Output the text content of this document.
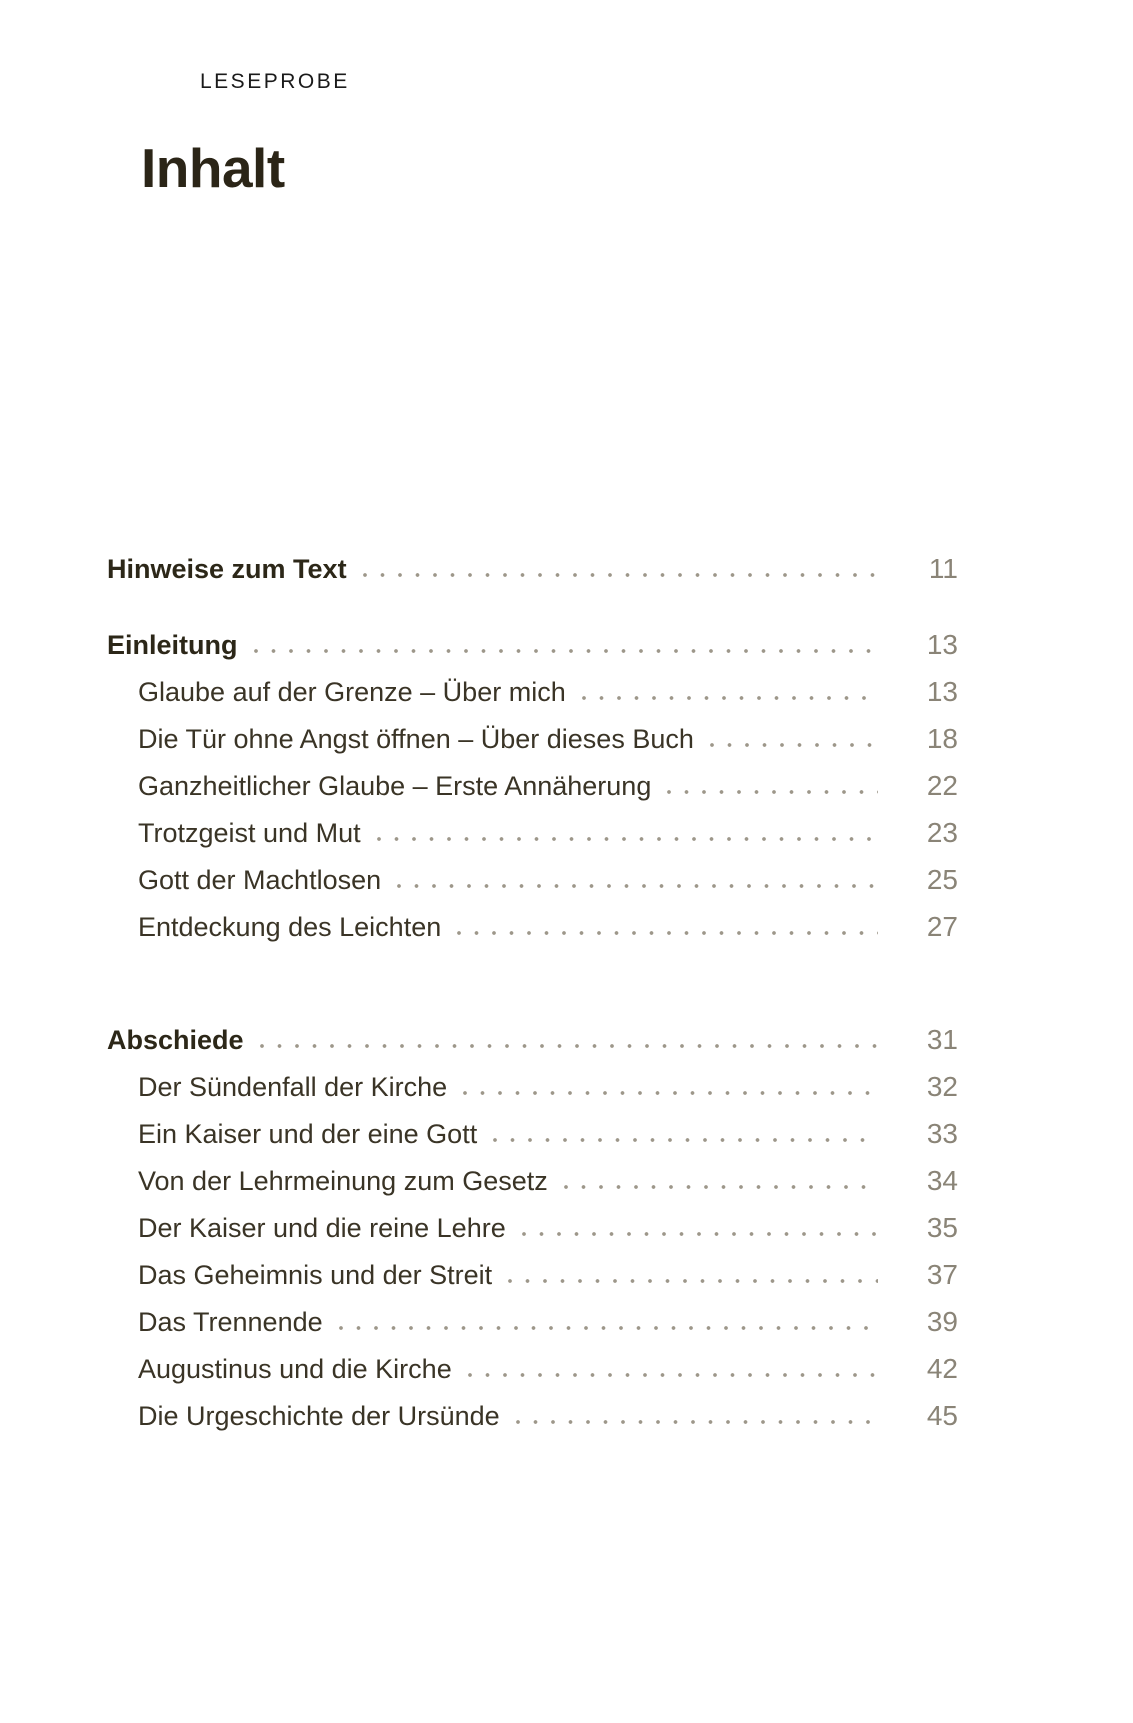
LESEPROBE
Inhalt
Hinweise zum Text	11
Einleitung	13
Glaube auf der Grenze – Über mich	13
Die Tür ohne Angst öffnen – Über dieses Buch	18
Ganzheitlicher Glaube – Erste Annäherung	22
Trotzgeist und Mut	23
Gott der Machtlosen	25
Entdeckung des Leichten	27
Abschiede	31
Der Sündenfall der Kirche	32
Ein Kaiser und der eine Gott	33
Von der Lehrmeinung zum Gesetz	34
Der Kaiser und die reine Lehre	35
Das Geheimnis und der Streit	37
Das Trennende	39
Augustinus und die Kirche	42
Die Urgeschichte der Ursünde	45
